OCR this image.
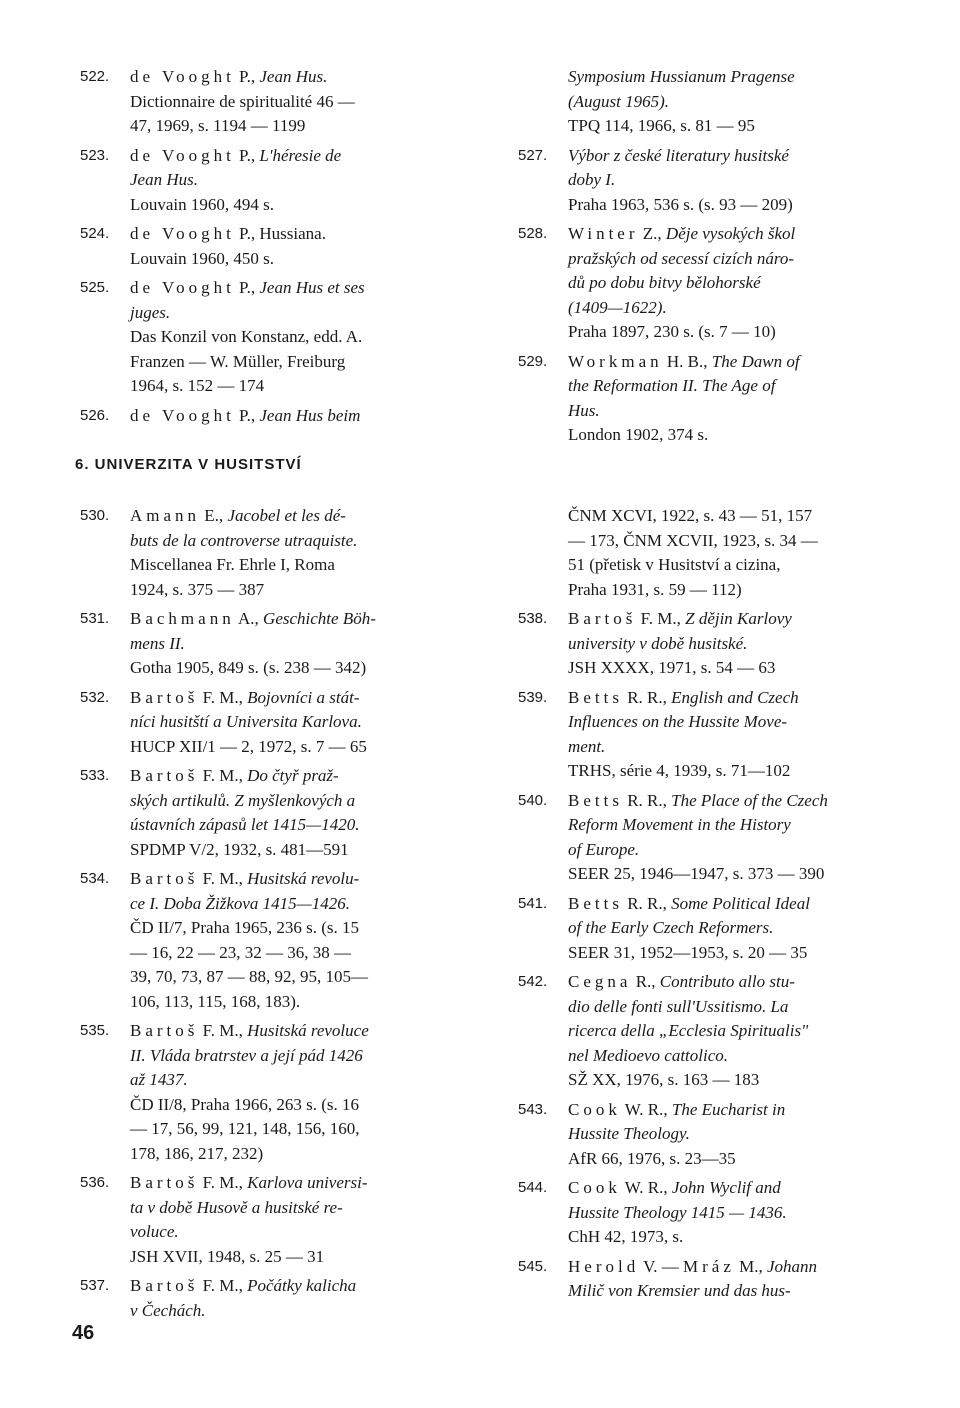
522.	de Vooght P., Jean Hus.
Dictionnaire de spiritualité 46 —
47, 1969, s. 1194 — 1199
523.	de Vooght P., L'héresie de
Jean Hus.
Louvain 1960, 494 s.
524.	de Vooght P., Hussiana.
Louvain 1960, 450 s.
525.	de Vooght P., Jean Hus et ses
juges.
Das Konzil von Konstanz, edd. A.
Franzen — W. Müller, Freiburg
1964, s. 152 — 174
526.	de Vooght P., Jean Hus beim
Symposium Hussianum Pragense
(August 1965).
TPQ 114, 1966, s. 81 — 95
527.	Výbor z české literatury husitské
doby I.
Praha 1963, 536 s. (s. 93 — 209)
528.	Winter Z., Děje vysokých škol
pražských od secessí cizích náro-
dů po dobu bitvy bělohorské
(1409—1622).
Praha 1897, 230 s. (s. 7 — 10)
529.	Workman H. B., The Dawn of
the Reformation II. The Age of
Hus.
London 1902, 374 s.
6. UNIVERZITA V HUSITSTVÍ
530.	Amann E., Jacobel et les dé-
buts de la controverse utraquiste.
Miscellanea Fr. Ehrle I, Roma
1924, s. 375 — 387
531.	Bachmann A., Geschichte Böh-
mens II.
Gotha 1905, 849 s. (s. 238 — 342)
532.	Bartoš F. M., Bojovníci a stát-
níci husitští a Universita Karlova.
HUCP XII/1 — 2, 1972, s. 7 — 65
533.	Bartoš F. M., Do čtyř praž-
ských artikulů. Z myšlenkových a
ústavních zápasů let 1415—1420.
SPDMP V/2, 1932, s. 481—591
534.	Bartoš F. M., Husitská revolu-
ce I. Doba Žižkova 1415—1426.
ČD II/7, Praha 1965, 236 s. (s. 15
— 16, 22 — 23, 32 — 36, 38 —
39, 70, 73, 87 — 88, 92, 95, 105—
106, 113, 115, 168, 183).
535.	Bartoš F. M., Husitská revoluce
II. Vláda bratrstev a její pád 1426
až 1437.
ČD II/8, Praha 1966, 263 s. (s. 16
— 17, 56, 99, 121, 148, 156, 160,
178, 186, 217, 232)
536.	Bartoš F. M., Karlova universi-
ta v době Husově a husitské re-
voluce.
JSH XVII, 1948, s. 25 — 31
537.	Bartoš F. M., Počátky kalicha
v Čechách.
ČNM XCVI, 1922, s. 43 — 51, 157
— 173, ČNM XCVII, 1923, s. 34 —
51 (přetisk v Husitství a cizina,
Praha 1931, s. 59 — 112)
538.	Bartoš F. M., Z dějin Karlovy
university v době husitské.
JSH XXXX, 1971, s. 54 — 63
539.	Betts R. R., English and Czech
Influences on the Hussite Move-
ment.
TRHS, série 4, 1939, s. 71—102
540.	Betts R. R., The Place of the Czech
Reform Movement in the History
of Europe.
SEER 25, 1946—1947, s. 373 — 390
541.	Betts R. R., Some Political Ideal
of the Early Czech Reformers.
SEER 31, 1952—1953, s. 20 — 35
542.	Cegna R., Contributo allo stu-
dio delle fonti sull'Ussitismo. La
ricerca della „Ecclesia Spiritualis"
nel Medioevo cattolico.
SŽ XX, 1976, s. 163 — 183
543.	Cook W. R., The Eucharist in
Hussite Theology.
AfR 66, 1976, s. 23—35
544.	Cook W. R., John Wyclif and
Hussite Theology 1415 — 1436.
ChH 42, 1973, s.
545.	Herold V. — Mráz M., Johann
Milič von Kremsier und das hus-
46
